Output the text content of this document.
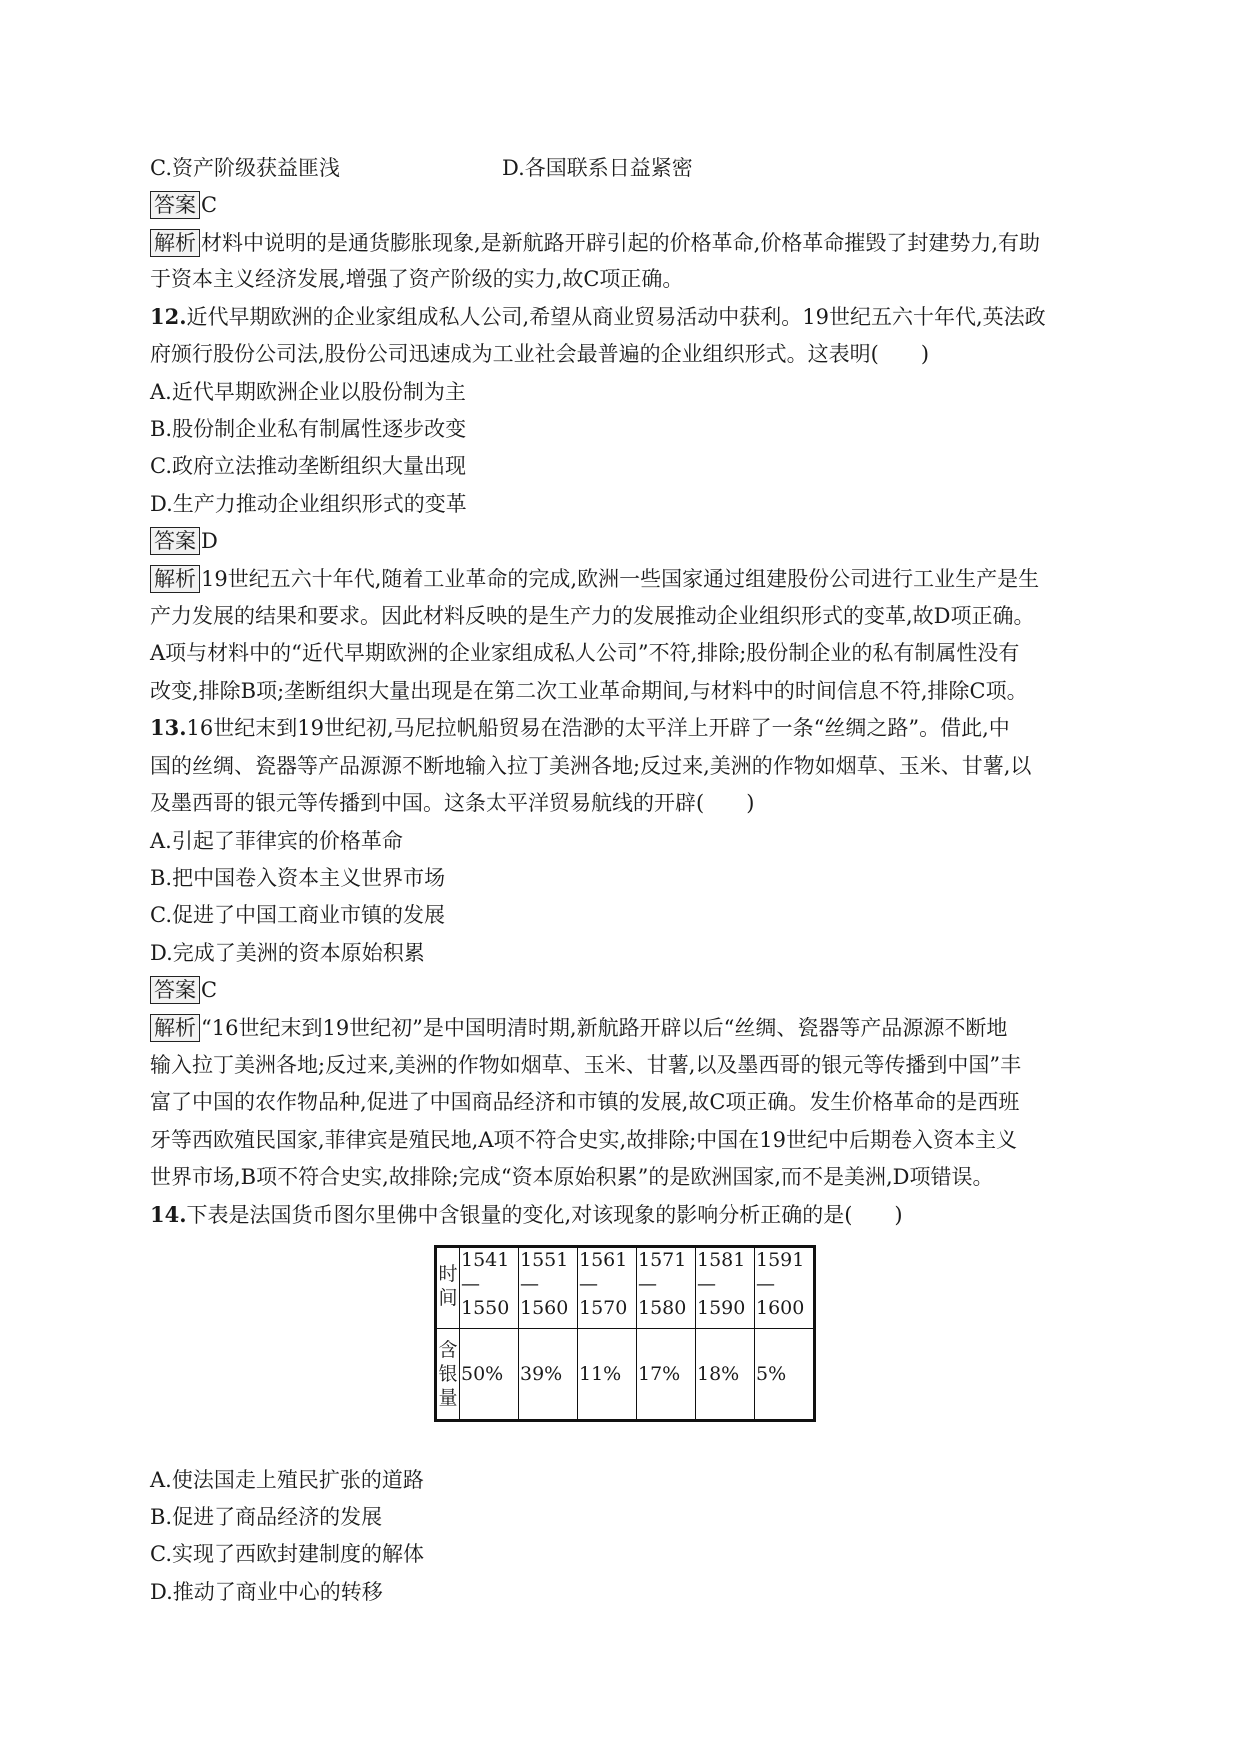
C.资产阶级获益匪浅	D.各国联系日益紧密
答案 C
解析 材料中说明的是通货膨胀现象,是新航路开辟引起的价格革命,价格革命摧毁了封建势力,有助
于资本主义经济发展,增强了资产阶级的实力,故C项正确。
12.近代早期欧洲的企业家组成私人公司,希望从商业贸易活动中获利。19世纪五六十年代,英法政
府颁行股份公司法,股份公司迅速成为工业社会最普遍的企业组织形式。这表明(　　)
A.近代早期欧洲企业以股份制为主
B.股份制企业私有制属性逐步改变
C.政府立法推动垄断组织大量出现
D.生产力推动企业组织形式的变革
答案 D
解析 19世纪五六十年代,随着工业革命的完成,欧洲一些国家通过组建股份公司进行工业生产是生
产力发展的结果和要求。因此材料反映的是生产力的发展推动企业组织形式的变革,故D项正确。
A项与材料中的“近代早期欧洲的企业家组成私人公司”不符,排除;股份制企业的私有制属性没有
改变,排除B项;垄断组织大量出现是在第二次工业革命期间,与材料中的时间信息不符,排除C项。
13.16世纪末到19世纪初,马尼拉帆船贸易在浩渺的太平洋上开辟了一条“丝绸之路”。借此,中
国的丝绸、瓷器等产品源源不断地输入拉丁美洲各地;反过来,美洲的作物如烟草、玉米、甘薯,以
及墨西哥的银元等传播到中国。这条太平洋贸易航线的开辟(　　)
A.引起了菲律宾的价格革命
B.把中国卷入资本主义世界市场
C.促进了中国工商业市镇的发展
D.完成了美洲的资本原始积累
答案 C
解析 “16世纪末到19世纪初”是中国明清时期,新航路开辟以后“丝绸、瓷器等产品源源不断地
输入拉丁美洲各地;反过来,美洲的作物如烟草、玉米、甘薯,以及墨西哥的银元等传播到中国”丰
富了中国的农作物品种,促进了中国商品经济和市镇的发展,故C项正确。发生价格革命的是西班
牙等西欧殖民国家,菲律宾是殖民地,A项不符合史实,故排除;中国在19世纪中后期卷入资本主义
世界市场,B项不符合史实,故排除;完成“资本原始积累”的是欧洲国家,而不是美洲,D项错误。
14.下表是法国货币图尔里佛中含银量的变化,对该现象的影响分析正确的是(　　)
时
间	1541
—
1550	1551
—
1560	1561
—
1570	1571
—
1580	1581
—
1590	1591
—
1600

含
银
量	50%	39%	11%	17%	18%	5%
A.使法国走上殖民扩张的道路
B.促进了商品经济的发展
C.实现了西欧封建制度的解体
D.推动了商业中心的转移
